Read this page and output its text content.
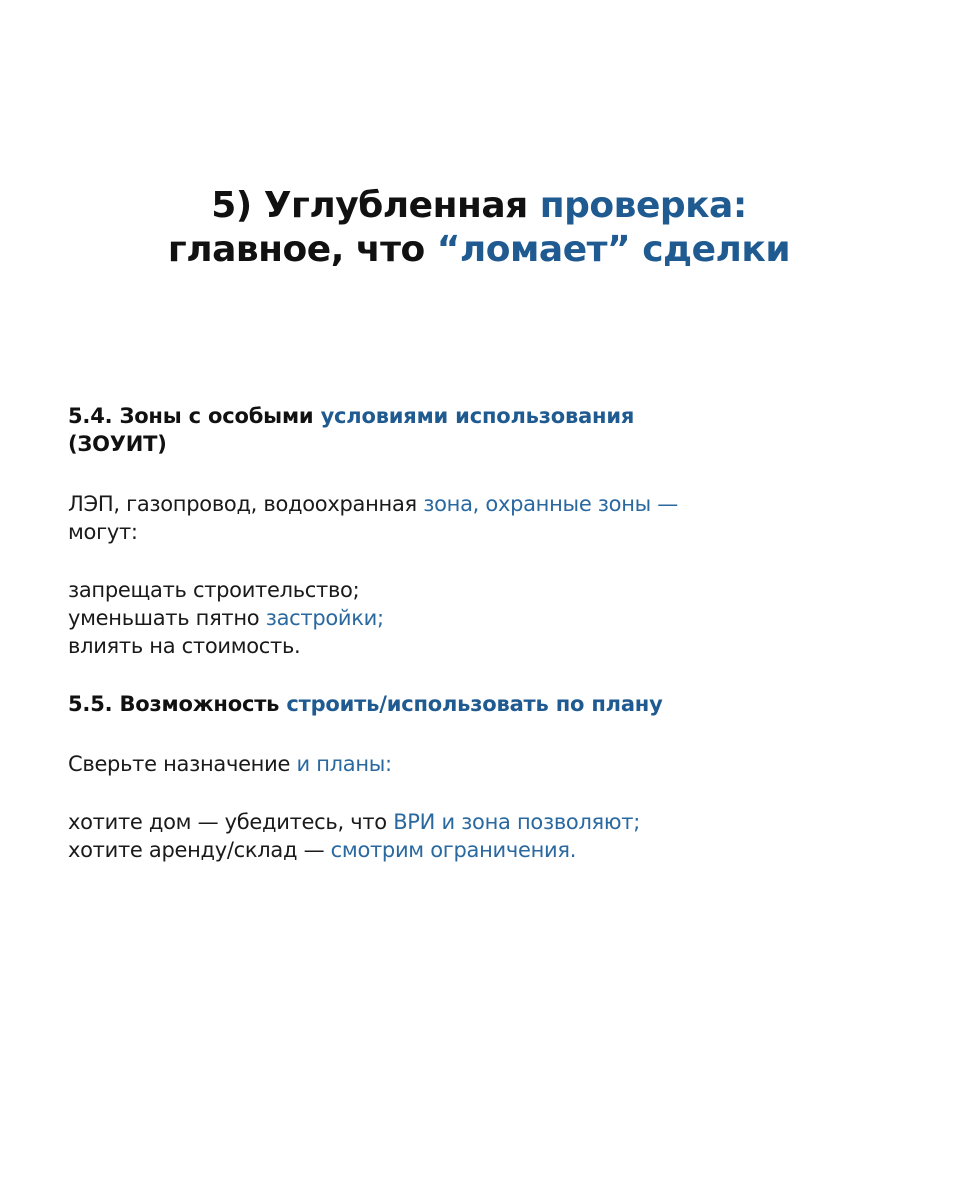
5) Углубленная проверка:
главное, что “ломает” сделки
5.4. Зоны с особыми условиями использования
(ЗОУИТ)

ЛЭП, газопровод, водоохранная зона, охранные зоны —
могут:

запрещать строительство;
уменьшать пятно застройки;
влиять на стоимость.

5.5. Возможность строить/использовать по плану

Сверьте назначение и планы:

хотите дом — убедитесь, что ВРИ и зона позволяют;
хотите аренду/склад — смотрим ограничения.
